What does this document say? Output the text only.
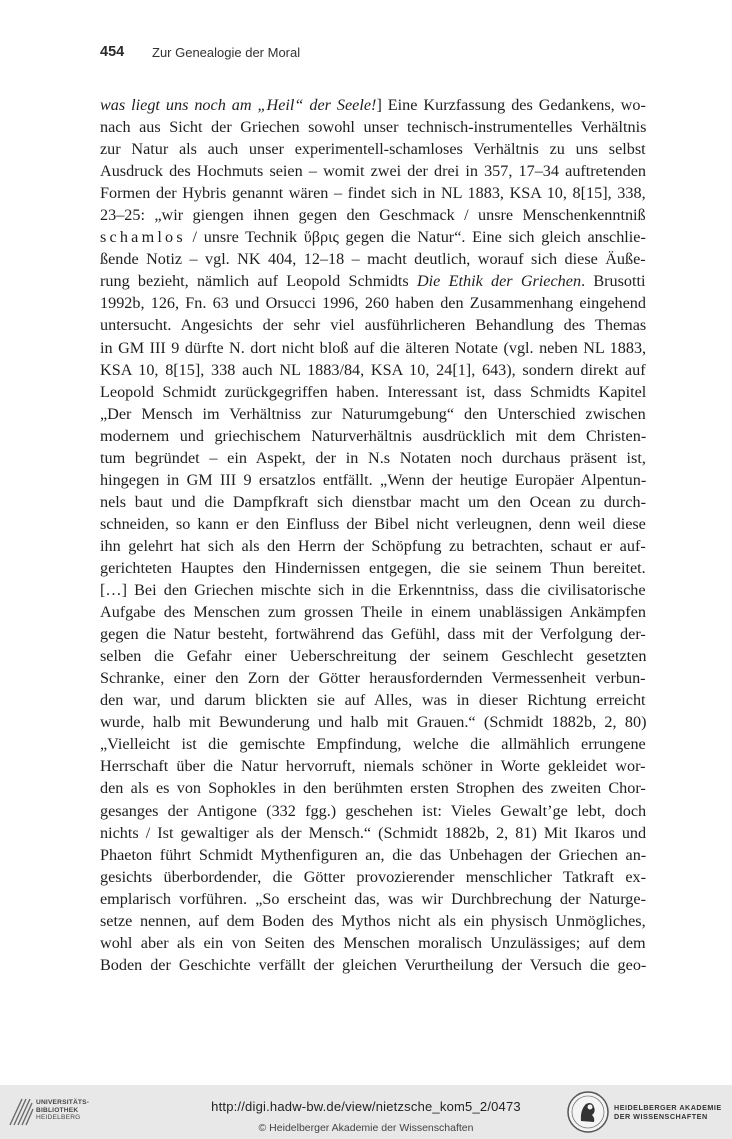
454 Zur Genealogie der Moral
was liegt uns noch am „Heil“ der Seele!] Eine Kurzfassung des Gedankens, wo-
nach aus Sicht der Griechen sowohl unser technisch-instrumentelles Verhältnis
zur Natur als auch unser experimentell-schamloses Verhältnis zu uns selbst
Ausdruck des Hochmuts seien – womit zwei der drei in 357, 17–34 auftretenden
Formen der Hybris genannt wären – findet sich in NL 1883, KSA 10, 8[15], 338,
23–25: „wir giengen ihnen gegen den Geschmack / unsre Menschenkenntniß
schamlos / unsre Technik ὕβρις gegen die Natur“. Eine sich gleich anschlie-
ßende Notiz – vgl. NK 404, 12–18 – macht deutlich, worauf sich diese Äuße-
rung bezieht, nämlich auf Leopold Schmidts Die Ethik der Griechen. Brusotti
1992b, 126, Fn. 63 und Orsucci 1996, 260 haben den Zusammenhang eingehend
untersucht. Angesichts der sehr viel ausführlicheren Behandlung des Themas
in GM III 9 dürfte N. dort nicht bloß auf die älteren Notate (vgl. neben NL 1883,
KSA 10, 8[15], 338 auch NL 1883/84, KSA 10, 24[1], 643), sondern direkt auf
Leopold Schmidt zurückgegriffen haben. Interessant ist, dass Schmidts Kapitel
„Der Mensch im Verhältniss zur Naturumgebung“ den Unterschied zwischen
modernem und griechischem Naturverhältnis ausdrücklich mit dem Christen-
tum begründet – ein Aspekt, der in N.s Notaten noch durchaus präsent ist,
hingegen in GM III 9 ersatzlos entfällt. „Wenn der heutige Europäer Alpentun-
nels baut und die Dampfkraft sich dienstbar macht um den Ocean zu durch-
schneiden, so kann er den Einfluss der Bibel nicht verleugnen, denn weil diese
ihn gelehrt hat sich als den Herrn der Schöpfung zu betrachten, schaut er auf-
gerichteten Hauptes den Hindernissen entgegen, die sie seinem Thun bereitet.
[…] Bei den Griechen mischte sich in die Erkenntniss, dass die civilisatorische
Aufgabe des Menschen zum grossen Theile in einem unablässigen Ankämpfen
gegen die Natur besteht, fortwährend das Gefühl, dass mit der Verfolgung der-
selben die Gefahr einer Ueberschreitung der seinem Geschlecht gesetzten
Schranke, einer den Zorn der Götter herausfordernden Vermessenheit verbun-
den war, und darum blickten sie auf Alles, was in dieser Richtung erreicht
wurde, halb mit Bewunderung und halb mit Grauen.“ (Schmidt 1882b, 2, 80)
„Vielleicht ist die gemischte Empfindung, welche die allmählich errungene
Herrschaft über die Natur hervorruft, niemals schöner in Worte gekleidet wor-
den als es von Sophokles in den berühmten ersten Strophen des zweiten Chor-
gesanges der Antigone (332 fgg.) geschehen ist: Vieles Gewalt’ge lebt, doch
nichts / Ist gewaltiger als der Mensch.“ (Schmidt 1882b, 2, 81) Mit Ikaros und
Phaeton führt Schmidt Mythenfiguren an, die das Unbehagen der Griechen an-
gesichts überbordender, die Götter provozierender menschlicher Tatkraft ex-
emplarisch vorführen. „So erscheint das, was wir Durchbrechung der Naturge-
setze nennen, auf dem Boden des Mythos nicht als ein physisch Unmögliches,
wohl aber als ein von Seiten des Menschen moralisch Unzulässiges; auf dem
Boden der Geschichte verfällt der gleichen Verurtheilung der Versuch die geo-
UNIVERSITÄTS-
BIBLIOTHEK
HEIDELBERG
http://digi.hadw-bw.de/view/nietzsche_kom5_2/0473
© Heidelberger Akademie der Wissenschaften
HEIDELBERGER AKADEMIE
DER WISSENSCHAFTEN
